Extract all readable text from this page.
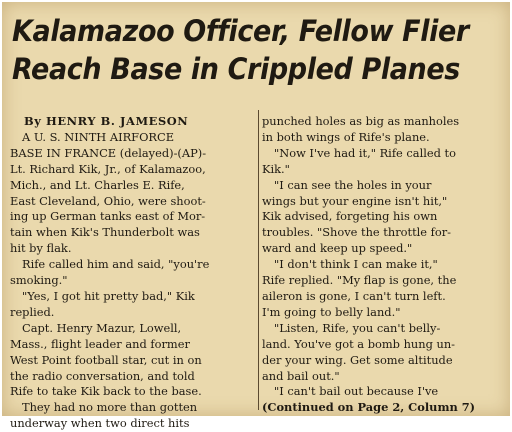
Kalamazoo Officer, Fellow Flier
Reach Base in Crippled Planes
By HENRY B. JAMESON
A U. S. NINTH AIRFORCE
BASE IN FRANCE (delayed)-(AP)-
Lt. Richard Kik, Jr., of Kalamazoo,
Mich., and Lt. Charles E. Rife,
East Cleveland, Ohio, were shoot-
ing up German tanks east of Mor-
tain when Kik's Thunderbolt was
hit by flak.
Rife called him and said, "you're
smoking."
"Yes, I got hit pretty bad," Kik
replied.
Capt. Henry Mazur, Lowell,
Mass., flight leader and former
West Point football star, cut in on
the radio conversation, and told
Rife to take Kik back to the base.
They had no more than gotten
underway when two direct hits
punched holes as big as manholes
in both wings of Rife's plane.
"Now I've had it," Rife called to
Kik."
"I can see the holes in your
wings but your engine isn't hit,"
Kik advised, forgeting his own
troubles. "Shove the throttle for-
ward and keep up speed."
"I don't think I can make it,"
Rife replied. "My flap is gone, the
aileron is gone, I can't turn left.
I'm going to belly land."
"Listen, Rife, you can't belly-
land. You've got a bomb hung un-
der your wing. Get some altitude
and bail out."
"I can't bail out because I've
(Continued on Page 2, Column 7)
